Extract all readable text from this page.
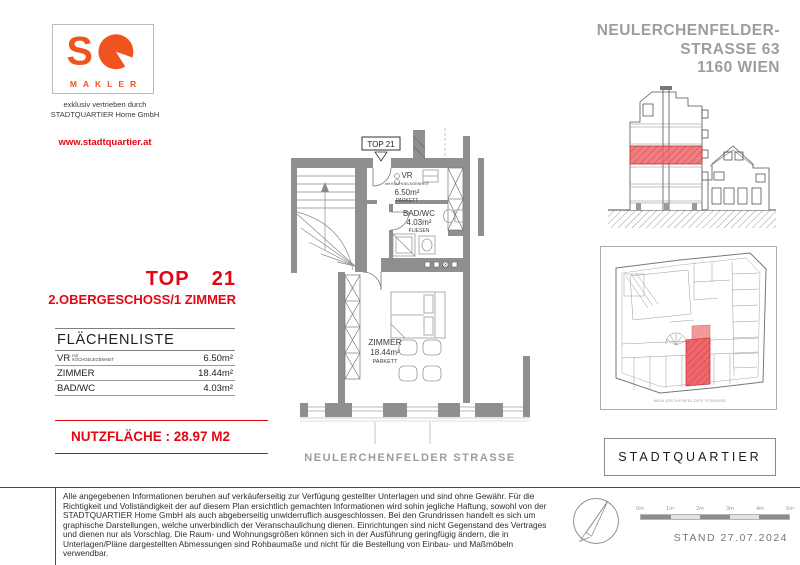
S
MAKLER
exklusiv vertrieben durch
STADTQUARTIER Home GmbH
www.stadtquartier.at
TOP 21
2.OBERGESCHOSS/1 ZIMMER
FLÄCHENLISTE
VR mit
KOCHGELEGENHEIT	6.50m²
ZIMMER	18.44m²
BAD/WC	4.03m²
NUTZFLÄCHE : 28.97 M2
TOP 21
VR
mit KOCHGELEGENHEIT
6.50m²
PARKETT
BAD/WC
4.03m²
FLIESEN
ZIMMER
18.44m²
PARKETT
NEULERCHENFELDER STRASSE
NEULERCHENFELDER-
STRASSE 63
1160 WIEN
NEULERCHENFELDER STRASSE
STADTQUARTIER
Alle angegebenen Informationen beruhen auf verkäuferseitig zur Verfügung gestellter Unterlagen und sind ohne Gewähr. Für die
Richtigkeit und Vollständigkeit der auf diesem Plan ersichtlich gemachten Informationen wird sohin jegliche Haftung, sowohl von der
STADTQUARTIER Home GmbH als auch abgeberseitig unwiderruflich ausgeschlossen. Bei den Grundrissen handelt es sich um
graphische Darstellungen, welche unverbindlich der Veranschaulichung dienen. Einrichtungen sind nicht Gegenstand des Vertrages
und dienen nur als Vorschlag. Die Raum- und Wohnungsgrößen können sich in der Ausführung geringfügig ändern, die in
Unterlagen/Pläne dargestellten Abmessungen sind Rohbaumaße und nicht für die Bestellung von Einbau- und Maßmöbeln
verwendbar.
0m	1m	2m	3m	4m	5m
STAND 27.07.2024
